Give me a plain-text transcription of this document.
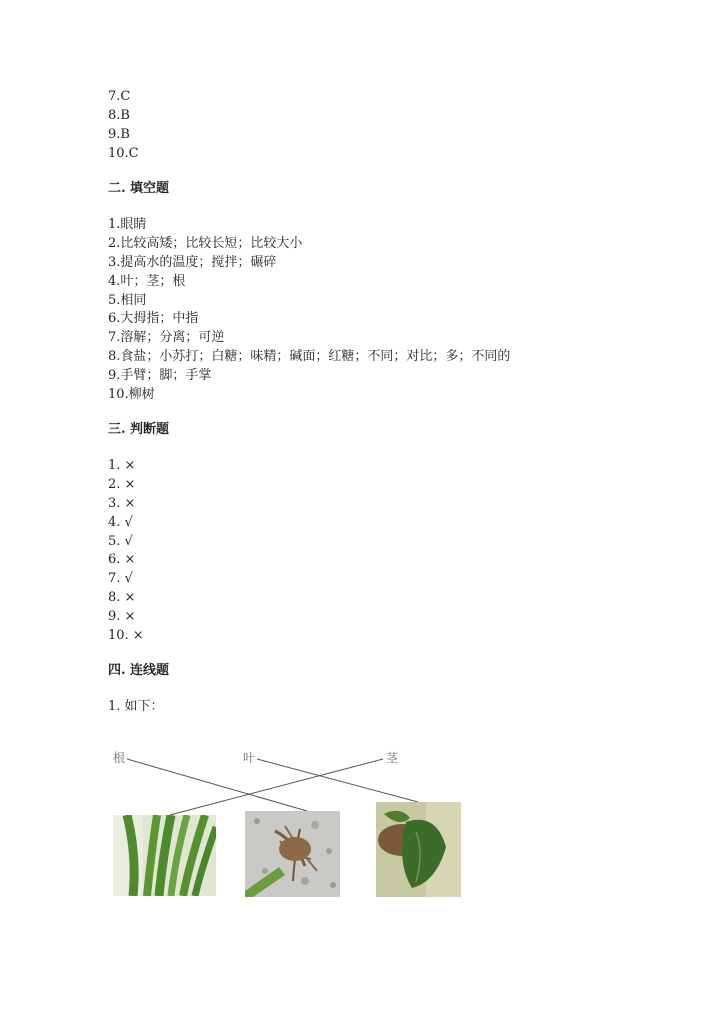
7.C
8.B
9.B
10.C
二. 填空题
1.眼睛
2.比较高矮；比较长短；比较大小
3.提高水的温度；搅拌；碾碎
4.叶；茎；根
5.相同
6.大拇指；中指
7.溶解；分离；可逆
8.食盐；小苏打；白糖；味精；碱面；红糖；不同；对比；多；不同的
9.手臂；脚；手掌
10.柳树
三. 判断题
1. ×
2. ×
3. ×
4. √
5. √
6. ×
7. √
8. ×
9. ×
10. ×
四. 连线题
1. 如下：
根	叶	茎
